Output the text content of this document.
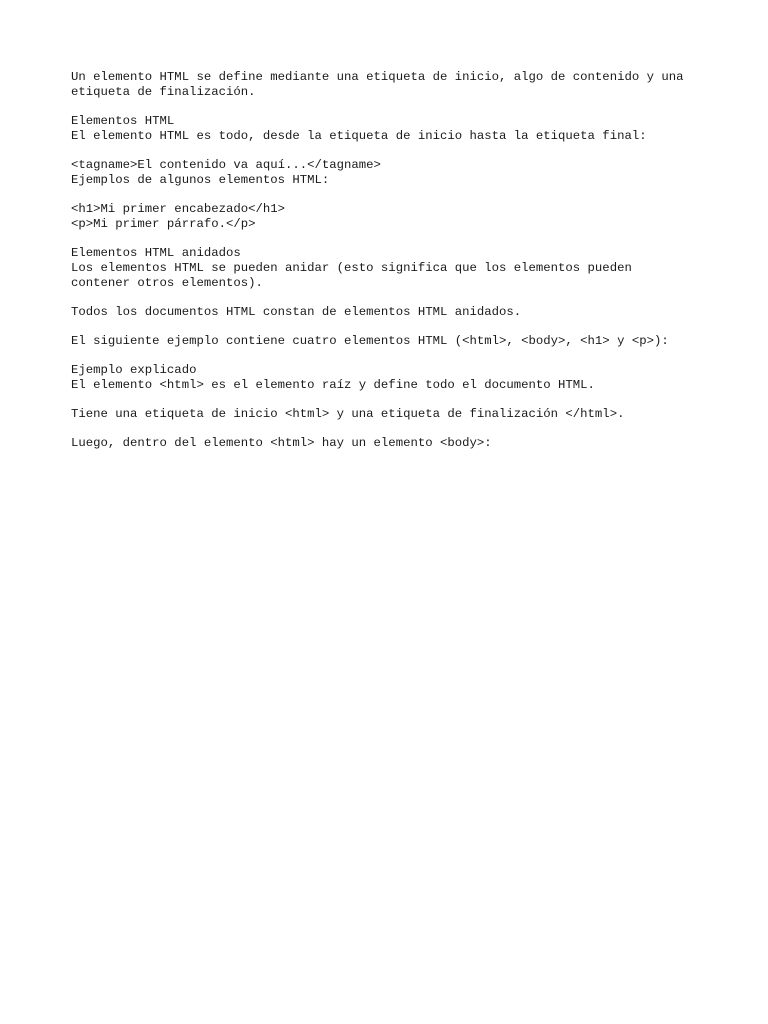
Un elemento HTML se define mediante una etiqueta de inicio, algo de contenido y una
etiqueta de finalización.
Elementos HTML
El elemento HTML es todo, desde la etiqueta de inicio hasta la etiqueta final:
<tagname>El contenido va aquí...</tagname>
Ejemplos de algunos elementos HTML:
<h1>Mi primer encabezado</h1>
<p>Mi primer párrafo.</p>
Elementos HTML anidados
Los elementos HTML se pueden anidar (esto significa que los elementos pueden
contener otros elementos).
Todos los documentos HTML constan de elementos HTML anidados.
El siguiente ejemplo contiene cuatro elementos HTML (<html>, <body>, <h1> y <p>):
Ejemplo explicado
El elemento <html> es el elemento raíz y define todo el documento HTML.
Tiene una etiqueta de inicio <html> y una etiqueta de finalización </html>.
Luego, dentro del elemento <html> hay un elemento <body>:
